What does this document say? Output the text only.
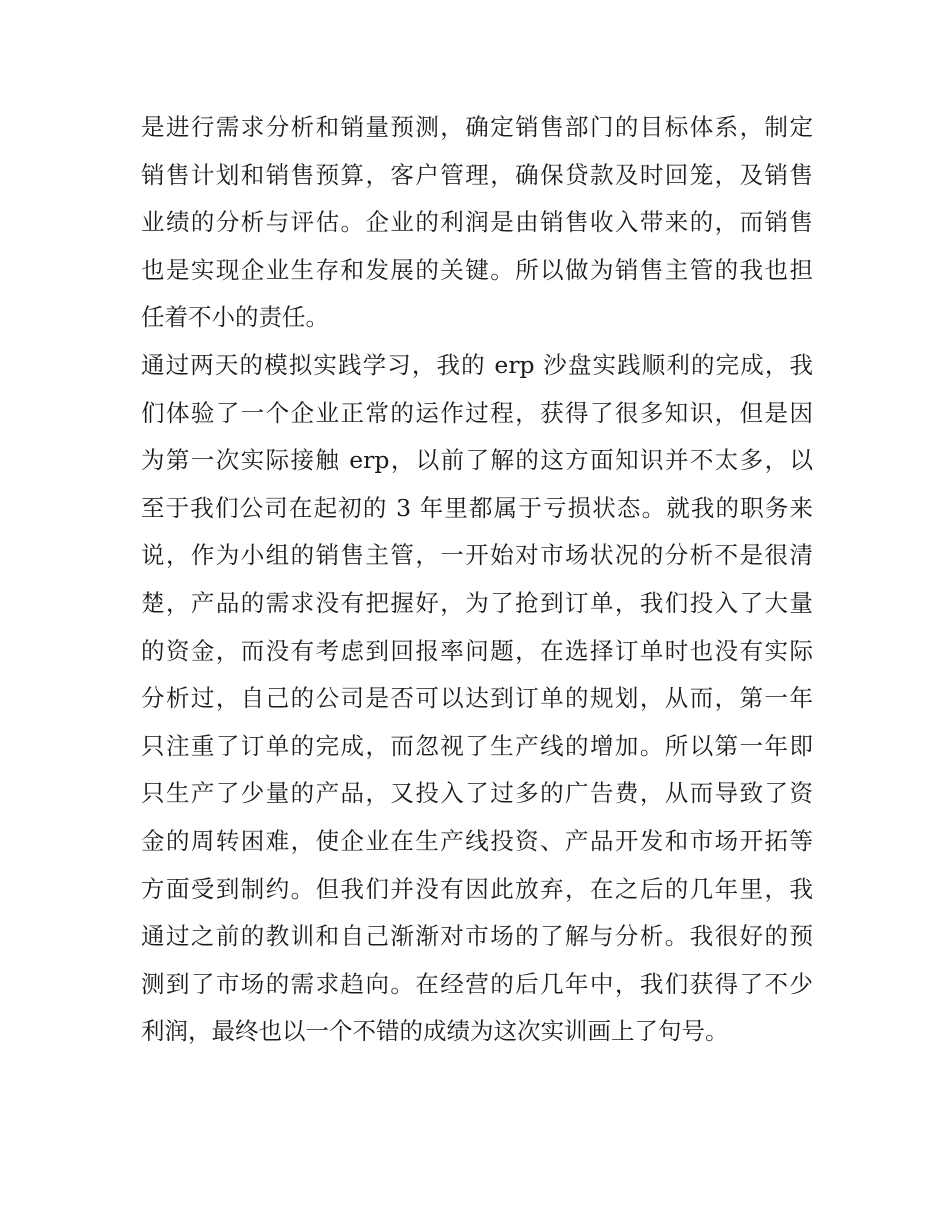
是进行需求分析和销量预测，确定销售部门的目标体系，制定
销售计划和销售预算，客户管理，确保贷款及时回笼，及销售
业绩的分析与评估。企业的利润是由销售收入带来的，而销售
也是实现企业生存和发展的关键。所以做为销售主管的我也担
任着不小的责任。
通过两天的模拟实践学习，我的 erp 沙盘实践顺利的完成，我
们体验了一个企业正常的运作过程，获得了很多知识，但是因
为第一次实际接触 erp，以前了解的这方面知识并不太多，以
至于我们公司在起初的 3 年里都属于亏损状态。就我的职务来
说，作为小组的销售主管，一开始对市场状况的分析不是很清
楚，产品的需求没有把握好，为了抢到订单，我们投入了大量
的资金，而没有考虑到回报率问题，在选择订单时也没有实际
分析过，自己的公司是否可以达到订单的规划，从而，第一年
只注重了订单的完成，而忽视了生产线的增加。所以第一年即
只生产了少量的产品，又投入了过多的广告费，从而导致了资
金的周转困难，使企业在生产线投资、产品开发和市场开拓等
方面受到制约。但我们并没有因此放弃，在之后的几年里，我
通过之前的教训和自己渐渐对市场的了解与分析。我很好的预
测到了市场的需求趋向。在经营的后几年中，我们获得了不少
利润，最终也以一个不错的成绩为这次实训画上了句号。
